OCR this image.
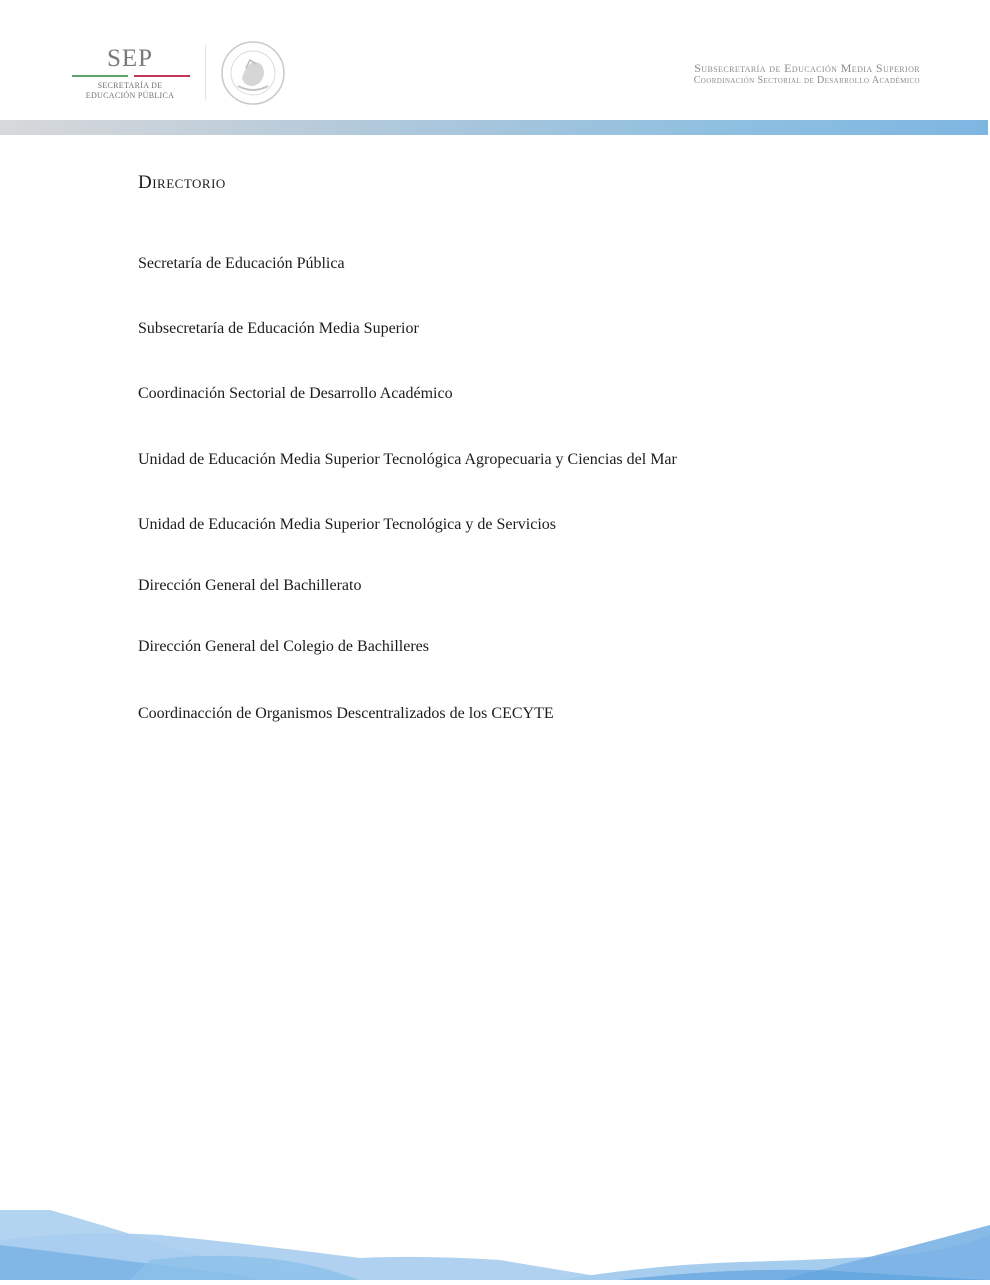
SEP
SECRETARÍA DE
EDUCACIÓN PÚBLICA
Subsecretaría de Educación Media Superior
Coordinación Sectorial de Desarrollo Académico
Directorio
Secretaría de Educación Pública
Subsecretaría de Educación Media Superior
Coordinación Sectorial de Desarrollo Académico
Unidad de Educación Media Superior Tecnológica Agropecuaria y Ciencias del Mar
Unidad de Educación Media Superior Tecnológica y de Servicios
Dirección General del Bachillerato
Dirección General del Colegio de Bachilleres
Coordinacción de Organismos Descentralizados de los CECYTE
